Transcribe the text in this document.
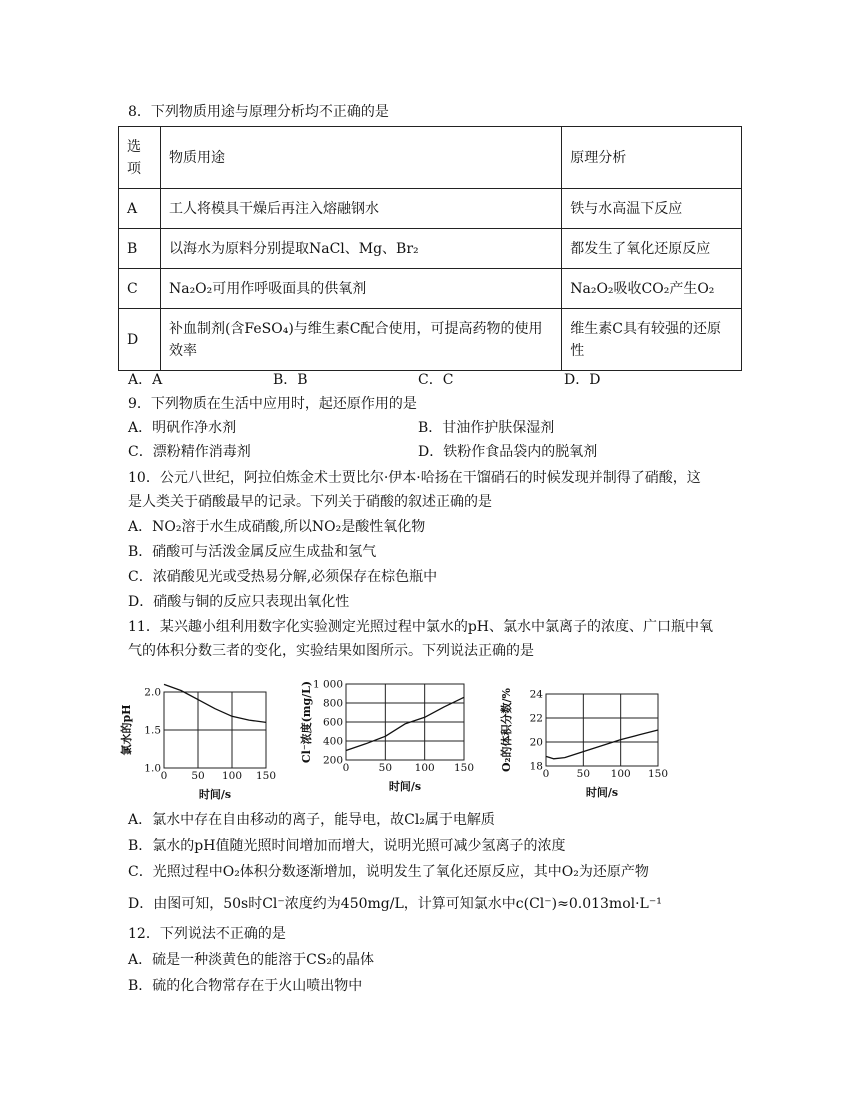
8．下列物质用途与原理分析均不正确的是
选
项	物质用途	原理分析
A	工人将模具干燥后再注入熔融钢水	铁与水高温下反应
B	以海水为原料分别提取NaCl、Mg、Br₂	都发生了氧化还原反应
C	Na₂O₂可用作呼吸面具的供氧剂	Na₂O₂吸收CO₂产生O₂
D	补血制剂(含FeSO₄)与维生素C配合使用，可提高药物的使用效率	维生素C具有较强的还原性
A．A	B．B	C．C	D．D
9．下列物质在生活中应用时，起还原作用的是
A．明矾作净水剂	B．甘油作护肤保湿剂
C．漂粉精作消毒剂	D．铁粉作食品袋内的脱氧剂
10．公元八世纪，阿拉伯炼金术士贾比尔·伊本·哈扬在干馏硝石的时候发现并制得了硝酸，这
是人类关于硝酸最早的记录。下列关于硝酸的叙述正确的是
A．NO₂溶于水生成硝酸,所以NO₂是酸性氧化物
B．硝酸可与活泼金属反应生成盐和氢气
C．浓硝酸见光或受热易分解,必须保存在棕色瓶中
D．硝酸与铜的反应只表现出氧化性
11．某兴趣小组利用数字化实验测定光照过程中氯水的pH、氯水中氯离子的浓度、广口瓶中氧
气的体积分数三者的变化，实验结果如图所示。下列说法正确的是
0 50 100 150
1.0
1.5
2.0
时间/s
氯水的pH
0	50 100 150
200
400
600
800
1 000
时间/s
Cl⁻浓度(mg/L)
0	50 100 150
18
20
22
24
时间/s
O₂的体积分数/%
A．氯水中存在自由移动的离子，能导电，故Cl₂属于电解质
B．氯水的pH值随光照时间增加而增大，说明光照可减少氢离子的浓度
C．光照过程中O₂体积分数逐渐增加，说明发生了氧化还原反应，其中O₂为还原产物
D．由图可知，50s时Cl⁻浓度约为450mg/L，计算可知氯水中c(Cl⁻)≈0.013mol·L⁻¹
12．下列说法不正确的是
A．硫是一种淡黄色的能溶于CS₂的晶体
B．硫的化合物常存在于火山喷出物中
